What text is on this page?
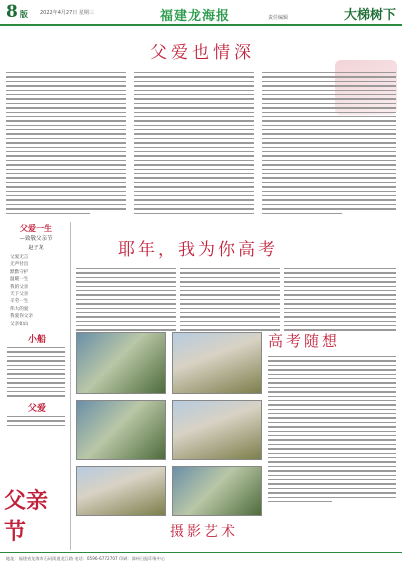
8 版 2022年4月27日 星期三	福建龙海报	责任编辑	大梯树下
父爱也情深
父爱一生
—致敬父亲节
赵子龙
父爱无言
无声付出
默默守护
温暖一生
我的父亲
天下父亲
辛劳一生
伟大的爱
我爱你父亲
父亲如山
小船
父爱
父亲节
耶年，我为你高考
高考随想
摄影艺术
地址：福建省龙海市石码街道龙江路 电话：0596-6772707 印刷：漳州日报印务中心
